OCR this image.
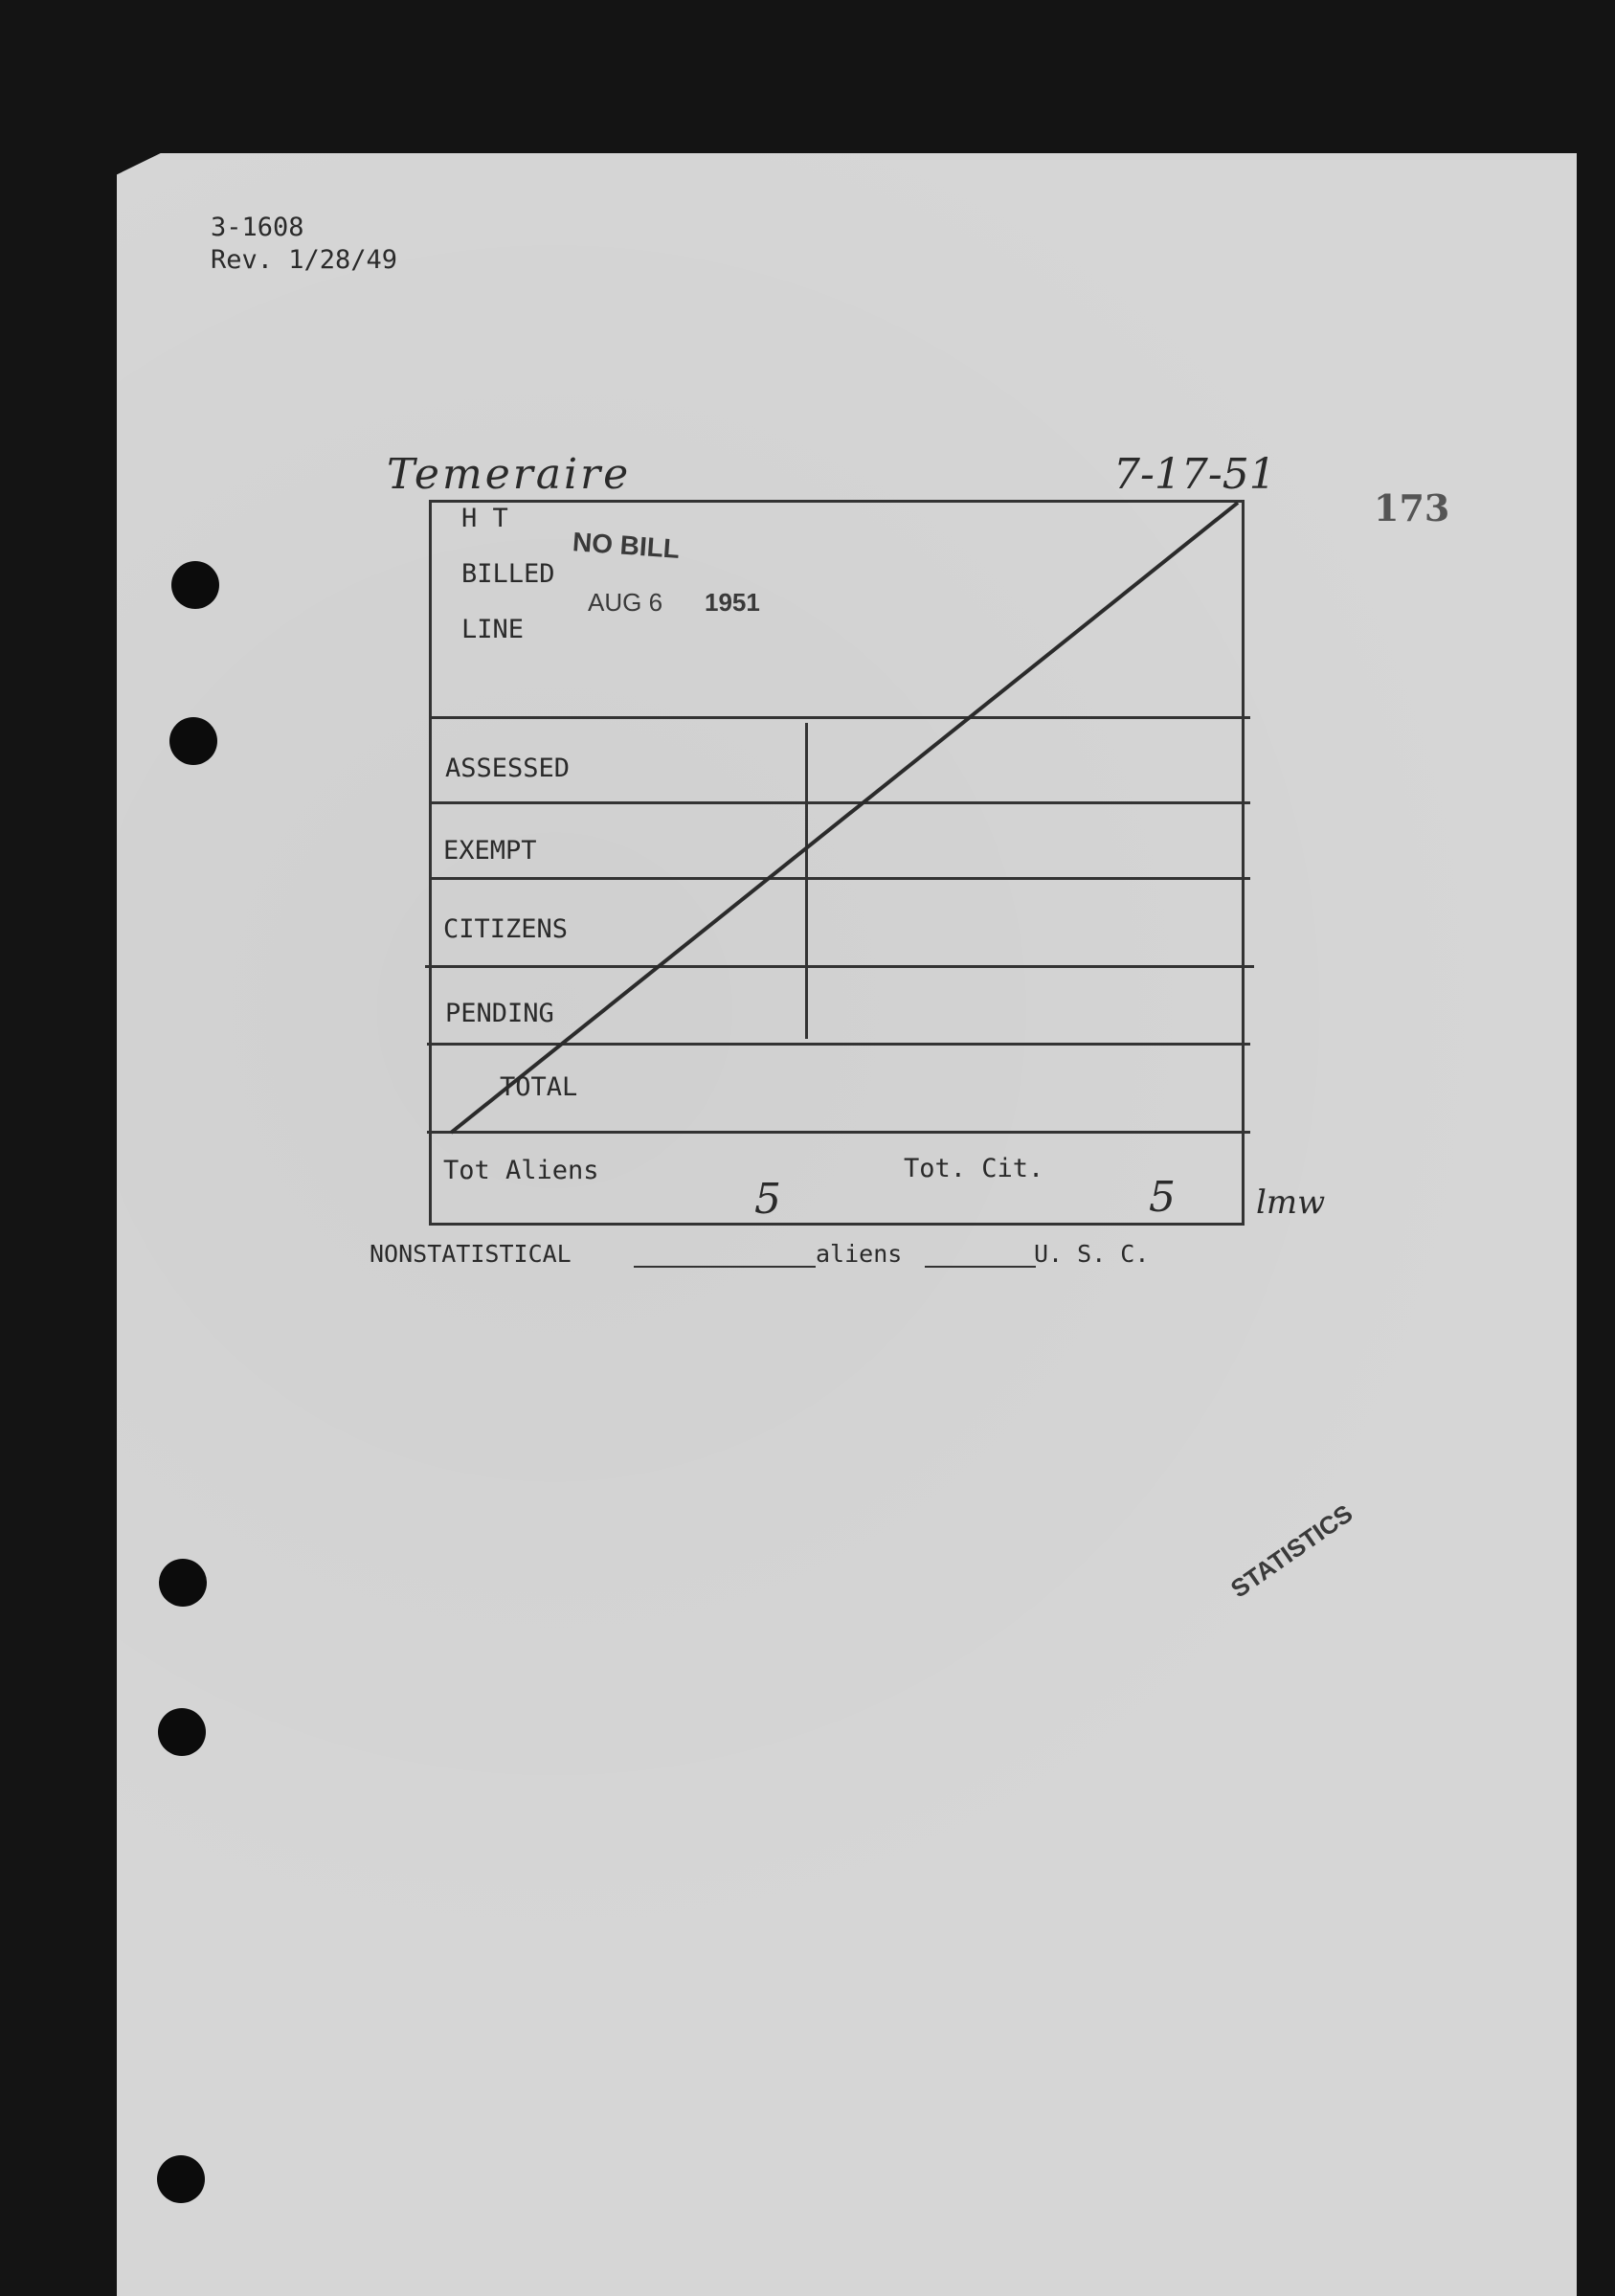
3-1608
Rev. 1/28/49
Temeraire	7-17-51
173
H T
BILLED
LINE
ASSESSED
EXEMPT
CITIZENS
PENDING
TOTAL
Tot Aliens	Tot. Cit.
5	5 lmw
NO BILL
AUG 6 1951
STATISTICS
NONSTATISTICAL	aliens	U. S. C.
